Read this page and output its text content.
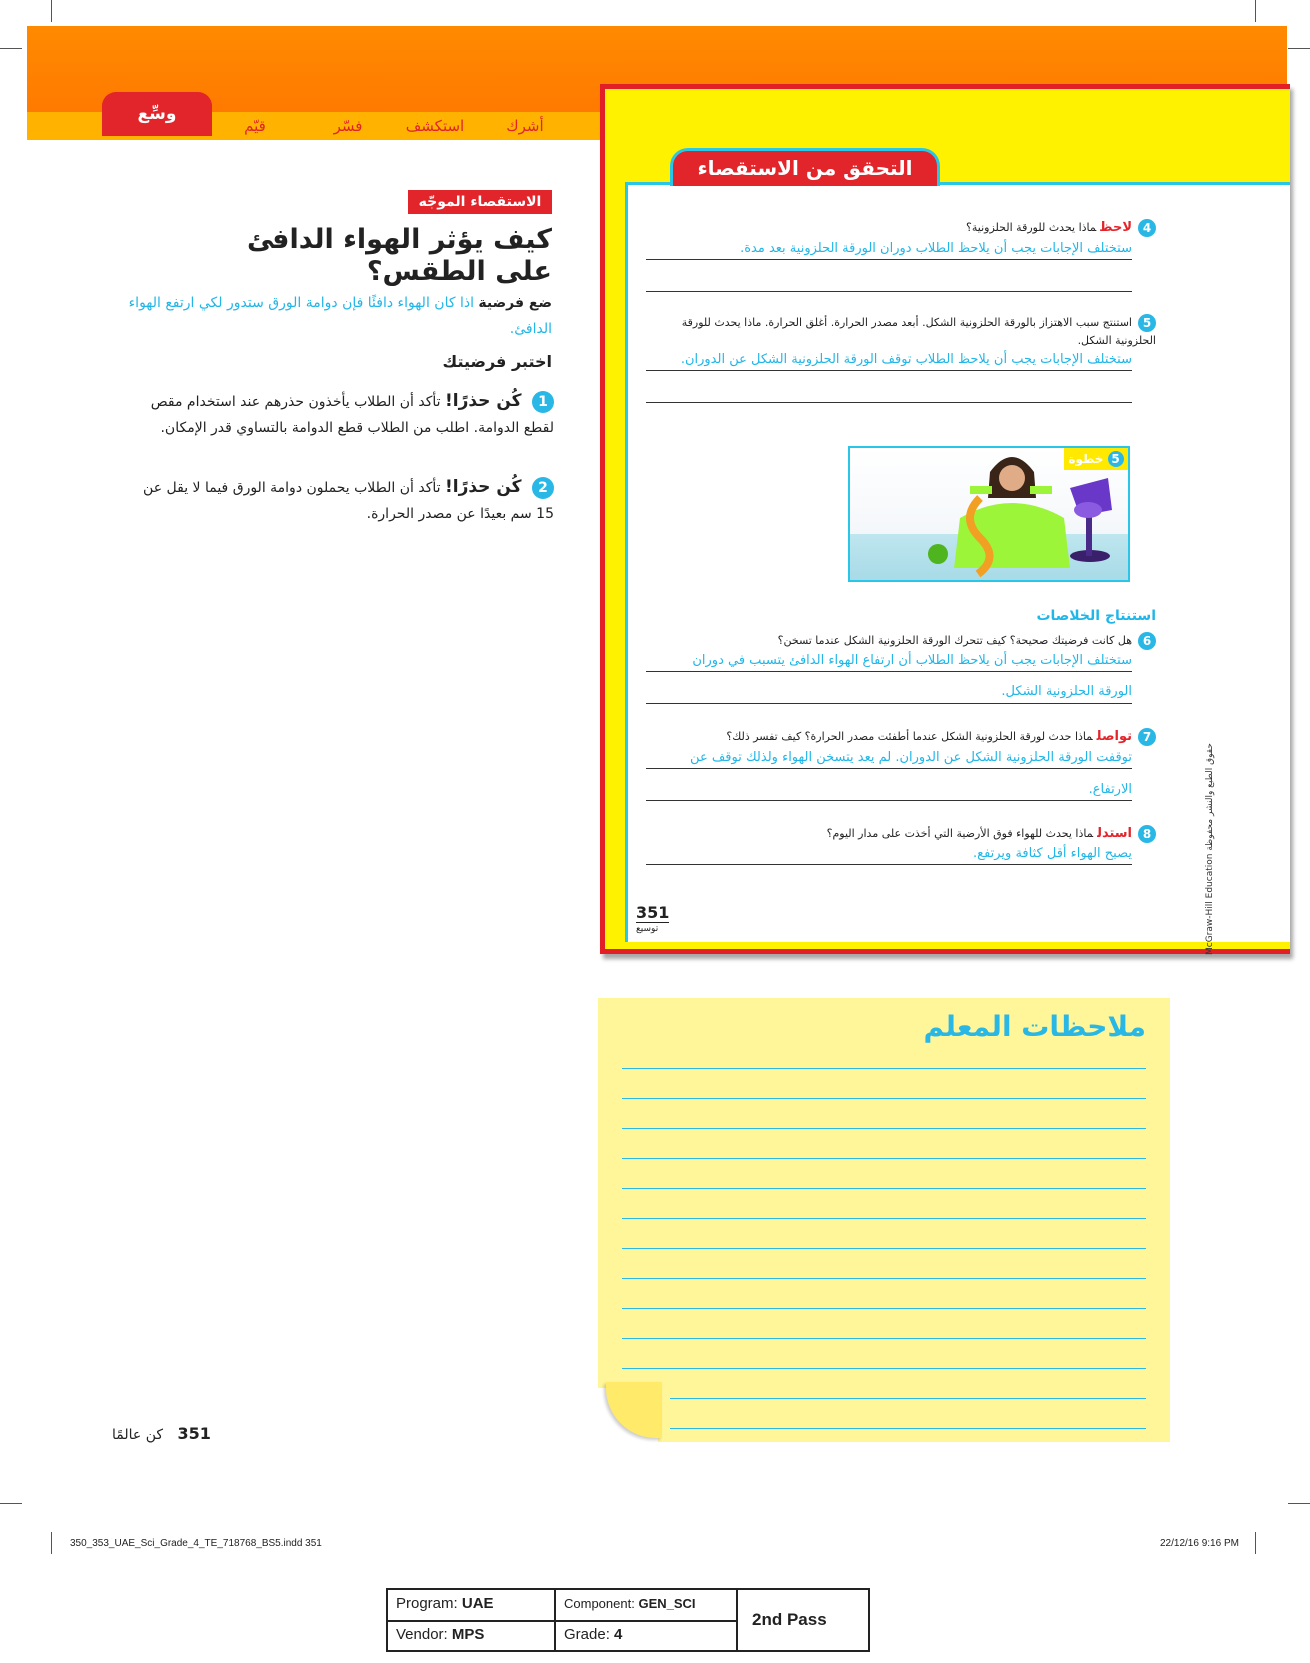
أشرك
استكشف
فسّر
قيّم
وسِّع
الاستقصاء الموجّه
كيف يؤثر الهواء الدافئ على الطقس؟
ضع فرضية اذا كان الهواء دافئًا فإن دوامة الورق ستدور لكي ارتفع الهواء الدافئ.
اختبر فرضيتك
1 كُن حذرًا! تأكد أن الطلاب يأخذون حذرهم عند استخدام مقص لقطع الدوامة. اطلب من الطلاب قطع الدوامة بالتساوي قدر الإمكان.
2 كُن حذرًا! تأكد أن الطلاب يحملون دوامة الورق فيما لا يقل عن 15 سم بعيدًا عن مصدر الحرارة.
351 كن عالمًا
التحقق من الاستقصاء
4لاحظماذا يحدث للورقة الحلزونية؟
ستختلف الإجابات يجب أن يلاحظ الطلاب دوران الورقة الحلزونية بعد مدة.
5استنتج سبب الاهتزاز بالورقة الحلزونية الشكل. أبعد مصدر الحرارة. أغلق الحرارة. ماذا يحدث للورقة الحلزونية الشكل.
ستختلف الإجابات يجب أن يلاحظ الطلاب توقف الورقة الحلزونية الشكل عن الدوران.
5 خطوة
استنتاج الخلاصات
6هل كانت فرضيتك صحيحة؟ كيف تتحرك الورقة الحلزونية الشكل عندما تسخن؟
ستختلف الإجابات يجب أن يلاحظ الطلاب أن ارتفاع الهواء الدافئ يتسبب في دوران
الورقة الحلزونية الشكل.
7تواصلماذا حدث لورقة الحلزونية الشكل عندما أطفئت مصدر الحرارة؟ كيف تفسر ذلك؟
توقفت الورقة الحلزونية الشكل عن الدوران. لم يعد يتسخن الهواء ولذلك توقف عن
الارتفاع.
8استدلماذا يحدث للهواء فوق الأرضية التي أخذت على مدار اليوم؟
يصبح الهواء أقل كثافة ويرتفع.	McGraw-Hill Education حقوق الطبع والنشر محفوظة
351
توسيع
ملاحظات المعلم
350_353_UAE_Sci_Grade_4_TE_718768_BS5.indd 351	22/12/16 9:16 PM
Program: UAE	Component: GEN_SCI
Vendor: MPS	Grade: 4
2nd Pass
